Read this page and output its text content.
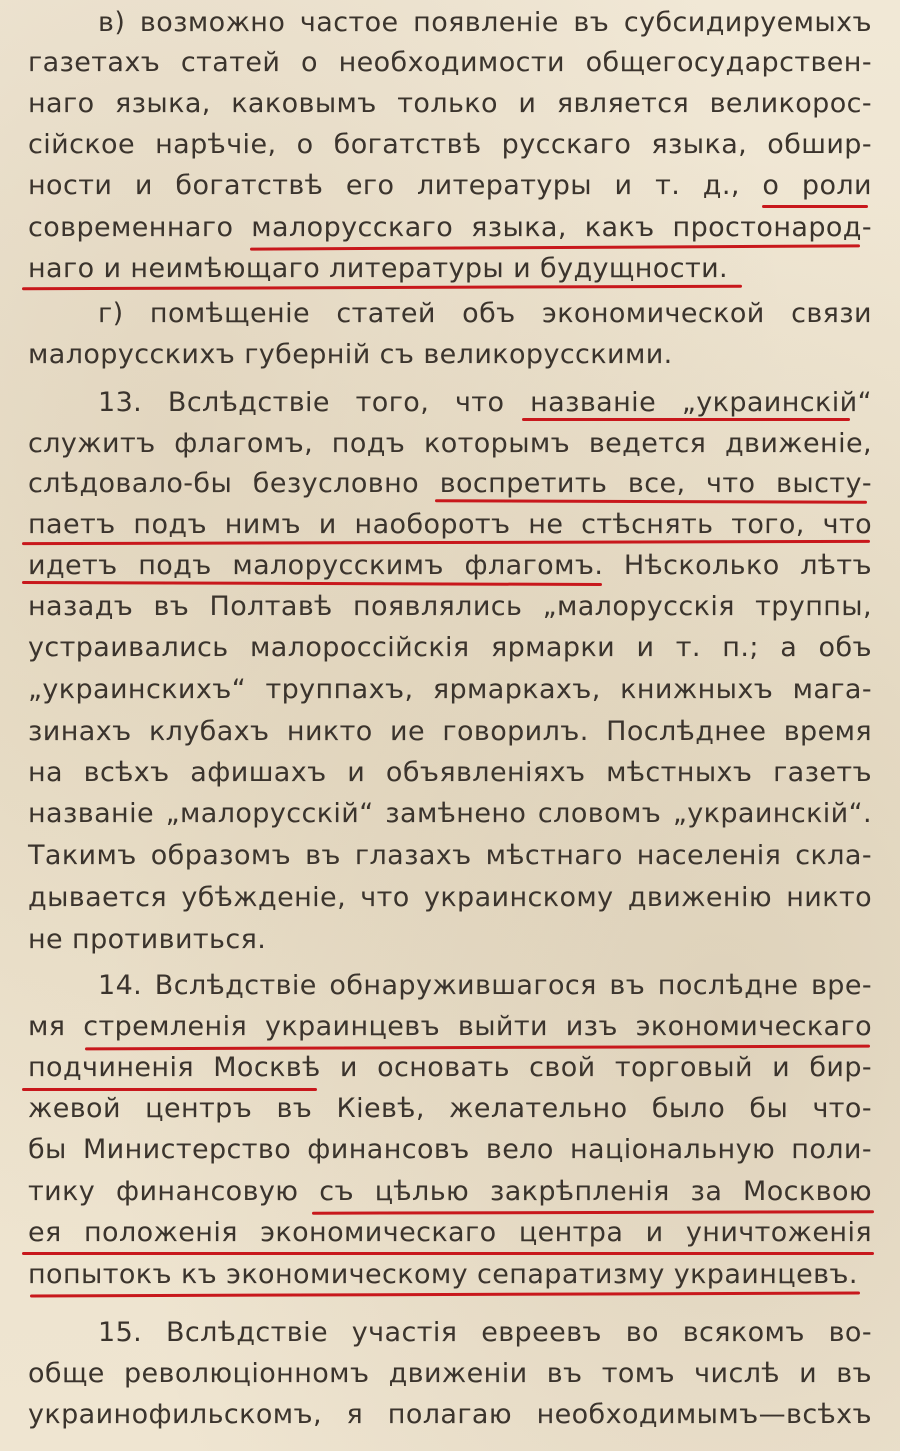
в) возможно частое появленіе въ субсидируемыхъ
газетахъ статей о необходимости общегосударствен-
наго языка, каковымъ только и является великорос-
сійское нарѣчіе, о богатствѣ русскаго языка, обшир-
ности и богатствѣ его литературы и т. д., о роли
современнаго малорусскаго языка, какъ простонарод-
наго и неимѣющаго литературы и будущности.
г) помѣщеніе статей объ экономической связи
малорусскихъ губерній съ великорусскими.
13. Вслѣдствіе того, что названіе „украинскій“
служитъ флагомъ, подъ которымъ ведется движеніе,
слѣдовало-бы безусловно воспретить все, что высту-
паетъ подъ нимъ и наоборотъ не стѣснять того, что
идетъ подъ малорусскимъ флагомъ. Нѣсколько лѣтъ
назадъ въ Полтавѣ появлялись „малорусскія труппы,
устраивались малороссійскія ярмарки и т. п.; а объ
„украинскихъ“ труппахъ, ярмаркахъ, книжныхъ мага-
зинахъ клубахъ никто ие говорилъ. Послѣднее время
на всѣхъ афишахъ и объявленіяхъ мѣстныхъ газетъ
названіе „малорусскій“ замѣнено словомъ „украинскій“.
Такимъ образомъ въ глазахъ мѣстнаго населенія скла-
дывается убѣжденіе, что украинскому движенію никто
не противиться.
14. Вслѣдствіе обнаружившагося въ послѣдне вре-
мя стремленія украинцевъ выйти изъ экономическаго
подчиненія Москвѣ и основать свой торговый и бир-
жевой центръ въ Кіевѣ, желательно было бы что-
бы Министерство финансовъ вело національную поли-
тику финансовую съ цѣлью закрѣпленія за Москвою
ея положенія экономическаго центра и уничтоженія
попытокъ къ экономическому сепаратизму украинцевъ.
15. Вслѣдствіе участія евреевъ во всякомъ во-
обще революціонномъ движеніи въ томъ числѣ и въ
украинофильскомъ, я полагаю необходимымъ—всѣхъ
